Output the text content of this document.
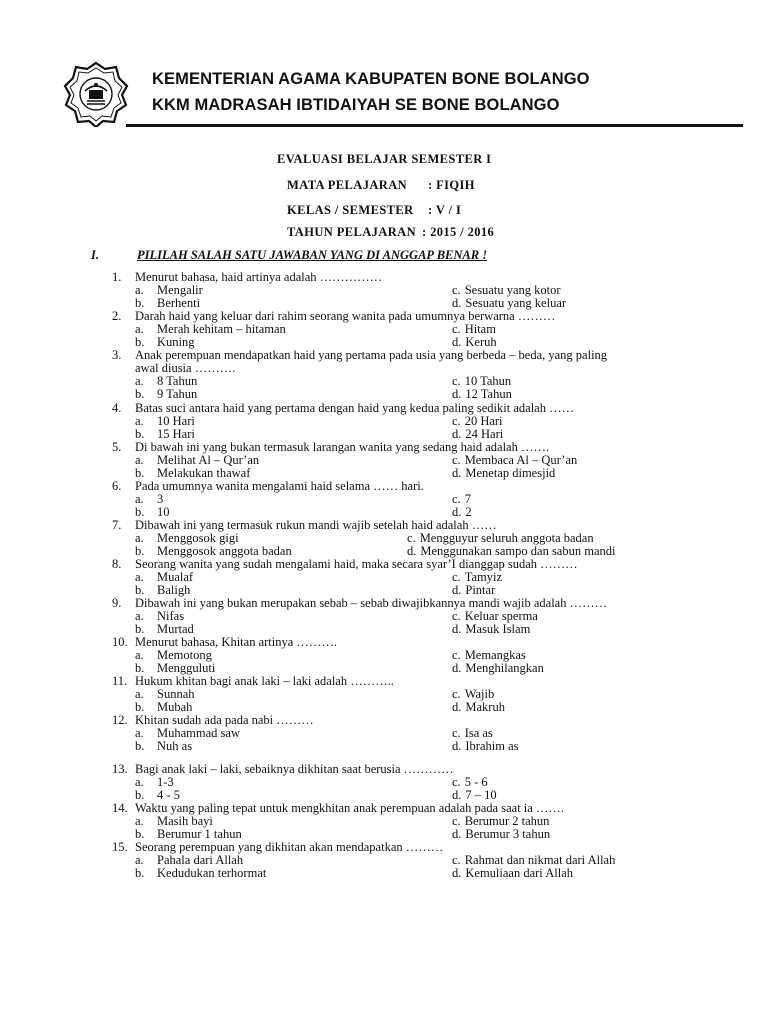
KEMENTERIAN AGAMA KABUPATEN BONE BOLANGO
KKM MADRASAH IBTIDAIYAH SE BONE BOLANGO
EVALUASI BELAJAR SEMESTER I
MATA PELAJARAN : FIQIH
KELAS / SEMESTER : V / I
TAHUN PELAJARAN : 2015 / 2016
I.	PILILAH SALAH SATU JAWABAN YANG DI ANGGAP BENAR !
1.	Menurut bahasa, haid artinya adalah ……………
a. Mengalir	c. Sesuatu yang kotor
b. Berhenti	d. Sesuatu yang keluar
2.	Darah haid yang keluar dari rahim seorang wanita pada umumnya berwarna ………
a. Merah kehitam – hitaman	c. Hitam
b. Kuning	d. Keruh
3.	Anak perempuan mendapatkan haid yang pertama pada usia yang berbeda – beda, yang paling
awal diusia ……….
a. 8 Tahun	c. 10 Tahun
b. 9 Tahun	d. 12 Tahun
4.	Batas suci antara haid yang pertama dengan haid yang kedua paling sedikit adalah ……
a. 10 Hari	c. 20 Hari
b. 15 Hari	d. 24 Hari
5.	Di bawah ini yang bukan termasuk larangan wanita yang sedang haid adalah …….
a. Melihat Al – Qur’an	c. Membaca Al – Qur’an
b. Melakukan thawaf	d. Menetap dimesjid
6.	Pada umumnya wanita mengalami haid selama …… hari.
a. 3	c. 7
b. 10	d. 2
7.	Dibawah ini yang termasuk rukun mandi wajib setelah haid adalah ……
a. Menggosok gigi	c. Mengguyur seluruh anggota badan
b. Menggosok anggota badan	d. Menggunakan sampo dan sabun mandi
8.	Seorang wanita yang sudah mengalami haid, maka secara syar’I dianggap sudah ………
a. Mualaf	c. Tamyiz
b. Baligh	d. Pintar
9.	Dibawah ini yang bukan merupakan sebab – sebab diwajibkannya mandi wajib adalah ………
a. Nifas	c. Keluar sperma
b. Murtad	d. Masuk Islam
10. Menurut bahasa, Khitan artinya ……….
a. Memotong	c. Memangkas
b. Mengguluti	d. Menghilangkan
11. Hukum khitan bagi anak laki – laki adalah ………..
a. Sunnah	c. Wajib
b. Mubah	d. Makruh
12. Khitan sudah ada pada nabi ………
a. Muhammad saw	c. Isa as
b. Nuh as	d. Ibrahim as
13. Bagi anak laki – laki, sebaiknya dikhitan saat berusia …………
a. 1-3	c. 5 - 6
b. 4 - 5	d. 7 – 10
14. Waktu yang paling tepat untuk mengkhitan anak perempuan adalah pada saat ia …….
a. Masih bayi	c. Berumur 2 tahun
b. Berumur 1 tahun	d. Berumur 3 tahun
15. Seorang perempuan yang dikhitan akan mendapatkan ………
a. Pahala dari Allah	c. Rahmat dan nikmat dari Allah
b. Kedudukan terhormat	d. Kemuliaan dari Allah
